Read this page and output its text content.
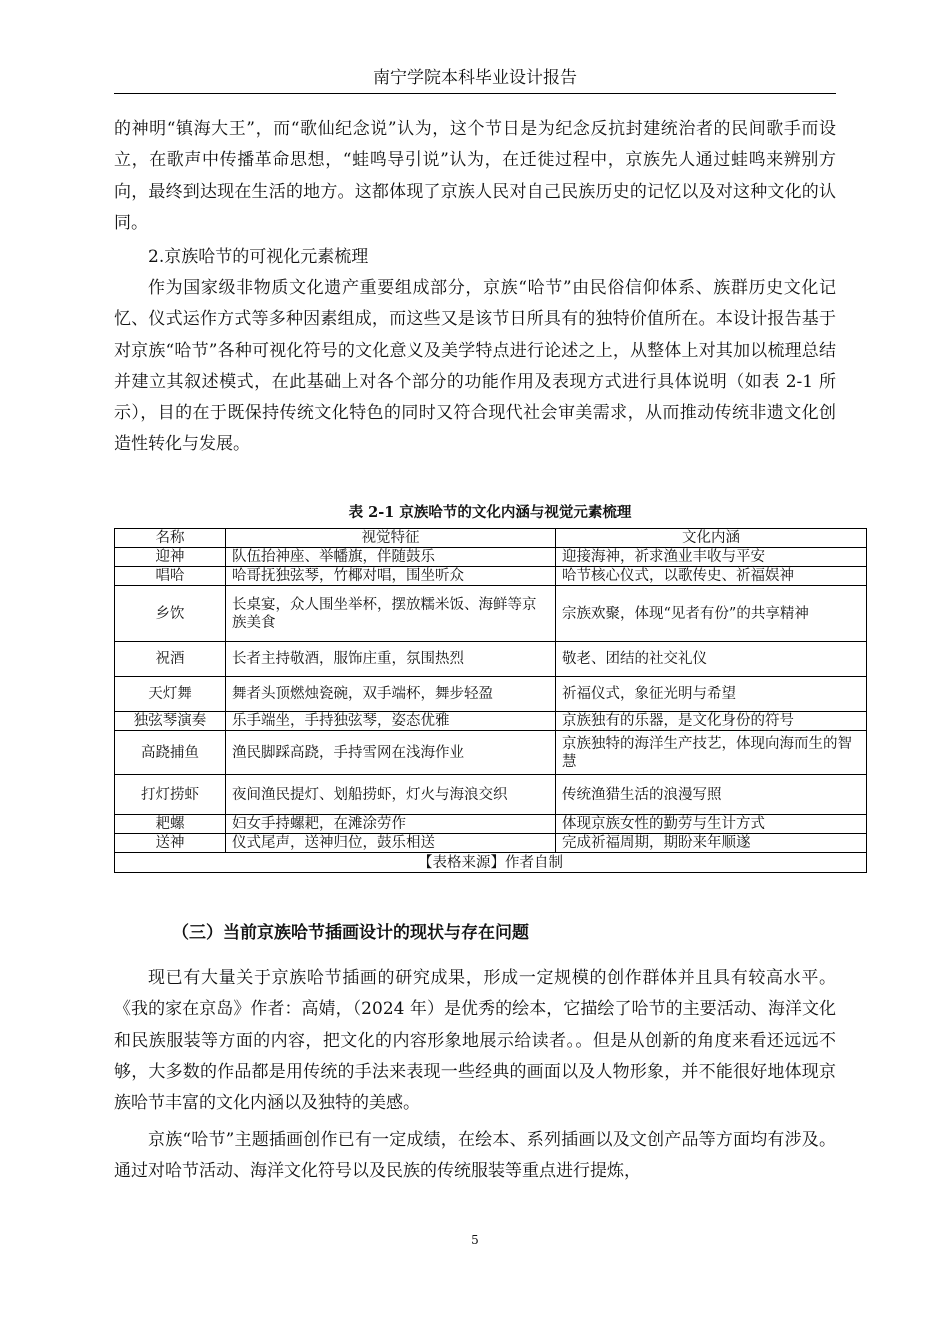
南宁学院本科毕业设计报告

的神明“镇海大王”，而“歌仙纪念说”认为，这个节日是为纪念反抗封建统治者的民间歌手而设立，在歌声中传播革命思想，“蛙鸣导引说”认为，在迁徙过程中，京族先人通过蛙鸣来辨别方向，最终到达现在生活的地方。这都体现了京族人民对自己民族历史的记忆以及对这种文化的认同。

2.京族哈节的可视化元素梳理

作为国家级非物质文化遗产重要组成部分，京族“哈节”由民俗信仰体系、族群历史文化记忆、仪式运作方式等多种因素组成，而这些又是该节日所具有的独特价值所在。本设计报告基于对京族“哈节”各种可视化符号的文化意义及美学特点进行论述之上，从整体上对其加以梳理总结并建立其叙述模式，在此基础上对各个部分的功能作用及表现方式进行具体说明（如表 2-1 所示），目的在于既保持传统文化特色的同时又符合现代社会审美需求，从而推动传统非遗文化创造性转化与发展。

表 2-1 京族哈节的文化内涵与视觉元素梳理
名称	视觉特征	文化内涵
迎神	队伍抬神座、举幡旗，伴随鼓乐	迎接海神，祈求渔业丰收与平安
唱哈	哈哥抚独弦琴，竹椰对唱，围坐听众	哈节核心仪式，以歌传史、祈福娱神
乡饮	长桌宴，众人围坐举杯，摆放糯米饭、海鲜等京族美食	宗族欢聚，体现“见者有份”的共享精神
祝酒	长者主持敬酒，服饰庄重，氛围热烈	敬老、团结的社交礼仪
天灯舞	舞者头顶燃烛瓷碗，双手端杯，舞步轻盈	祈福仪式，象征光明与希望
独弦琴演奏	乐手端坐，手持独弦琴，姿态优雅	京族独有的乐器，是文化身份的符号
高跷捕鱼	渔民脚踩高跷，手持雪网在浅海作业	京族独特的海洋生产技艺，体现向海而生的智慧
打灯捞虾	夜间渔民提灯、划船捞虾，灯火与海浪交织	传统渔猎生活的浪漫写照
耙螺	妇女手持螺耙，在滩涂劳作	体现京族女性的勤劳与生计方式
送神	仪式尾声，送神归位，鼓乐相送	完成祈福周期，期盼来年顺遂
【表格来源】作者自制		
（三）当前京族哈节插画设计的现状与存在问题

现已有大量关于京族哈节插画的研究成果，形成一定规模的创作群体并且具有较高水平。《我的家在京岛》作者：高婧，（2024 年）是优秀的绘本，它描绘了哈节的主要活动、海洋文化和民族服装等方面的内容，把文化的内容形象地展示给读者。。但是从创新的角度来看还远远不够，大多数的作品都是用传统的手法来表现一些经典的画面以及人物形象，并不能很好地体现京族哈节丰富的文化内涵以及独特的美感。

京族“哈节”主题插画创作已有一定成绩，在绘本、系列插画以及文创产品等方面均有涉及。通过对哈节活动、海洋文化符号以及民族的传统服装等重点进行提炼，

5
